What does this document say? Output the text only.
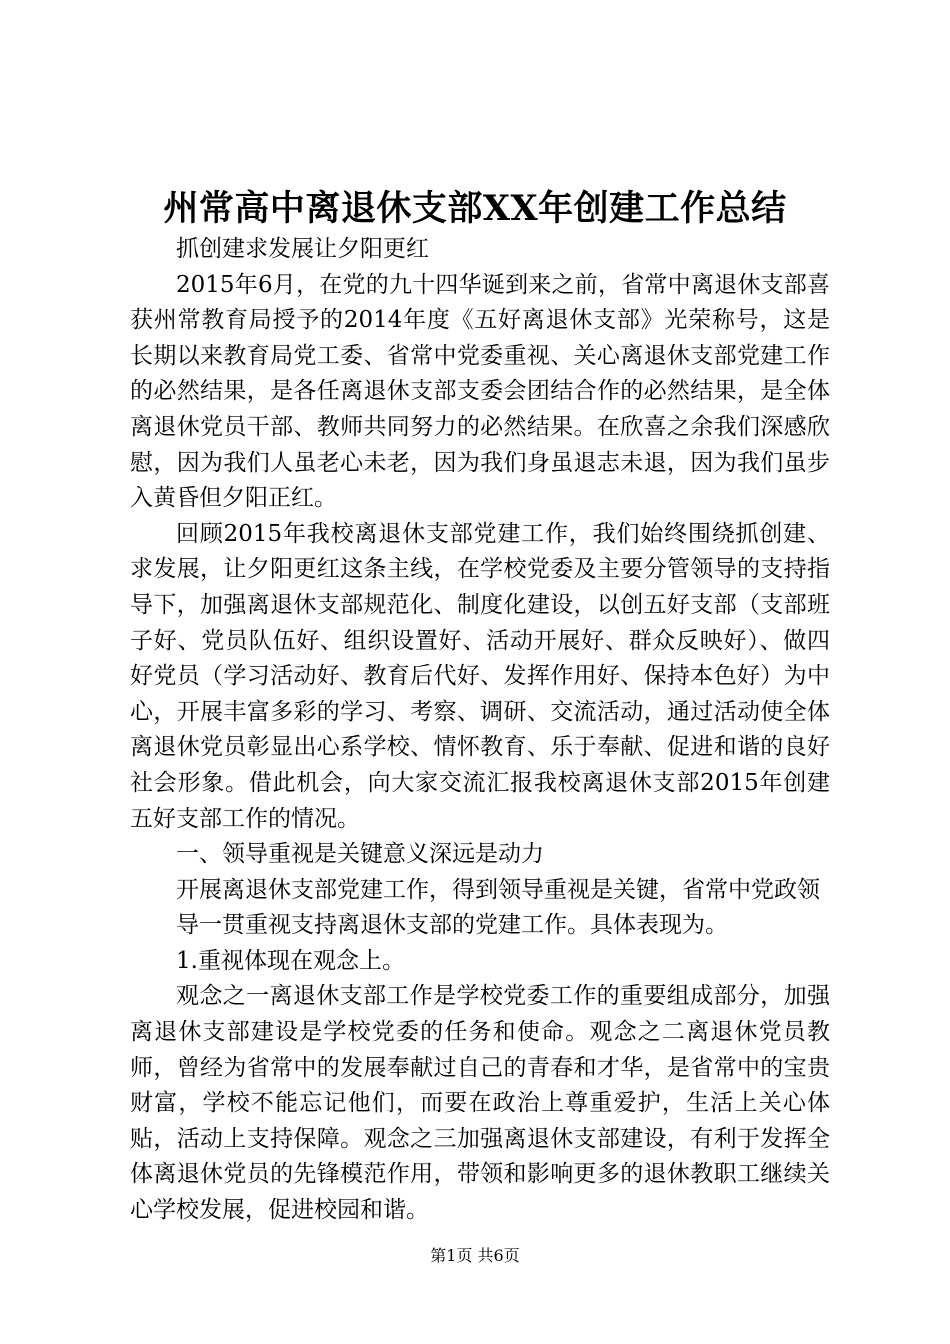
州常高中离退休支部XX年创建工作总结

抓创建求发展让夕阳更红

2015年6月，在党的九十四华诞到来之前，省常中离退休支部喜获州常教育局授予的2014年度《五好离退休支部》光荣称号，这是长期以来教育局党工委、省常中党委重视、关心离退休支部党建工作的必然结果，是各任离退休支部支委会团结合作的必然结果，是全体离退休党员干部、教师共同努力的必然结果。在欣喜之余我们深感欣慰，因为我们人虽老心未老，因为我们身虽退志未退，因为我们虽步入黄昏但夕阳正红。

回顾2015年我校离退休支部党建工作，我们始终围绕抓创建、求发展，让夕阳更红这条主线，在学校党委及主要分管领导的支持指导下，加强离退休支部规范化、制度化建设，以创五好支部（支部班子好、党员队伍好、组织设置好、活动开展好、群众反映好）、做四好党员（学习活动好、教育后代好、发挥作用好、保持本色好）为中心，开展丰富多彩的学习、考察、调研、交流活动，通过活动使全体离退休党员彰显出心系学校、情怀教育、乐于奉献、促进和谐的良好社会形象。借此机会，向大家交流汇报我校离退休支部2015年创建五好支部工作的情况。

一、领导重视是关键意义深远是动力

开展离退休支部党建工作，得到领导重视是关键，省常中党政领

导一贯重视支持离退休支部的党建工作。具体表现为。

1.重视体现在观念上。

观念之一离退休支部工作是学校党委工作的重要组成部分，加强离退休支部建设是学校党委的任务和使命。观念之二离退休党员教师，曾经为省常中的发展奉献过自己的青春和才华，是省常中的宝贵财富，学校不能忘记他们，而要在政治上尊重爱护，生活上关心体贴，活动上支持保障。观念之三加强离退休支部建设，有利于发挥全体离退休党员的先锋模范作用，带领和影响更多的退休教职工继续关心学校发展，促进校园和谐。

第1页 共6页
